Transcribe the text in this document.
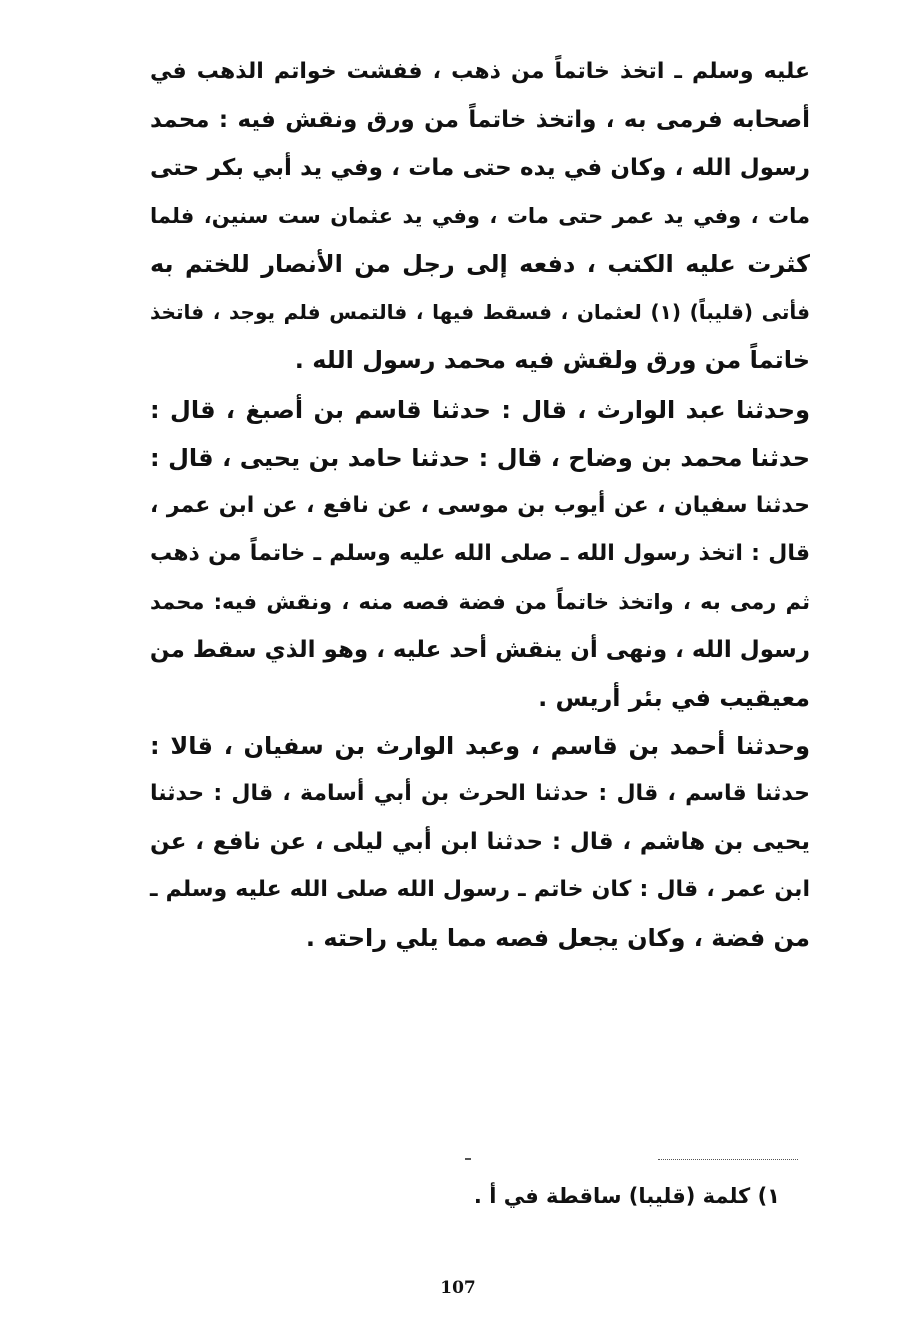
عليه وسلم ـ اتخذ خاتماً من ذهب ، ففشت خواتم الذهب في
أصحابه فرمى به ، واتخذ خاتماً من ورق ونقش فيه : محمد
رسول الله ، وكان في يده حتى مات ، وفي يد أبي بكر حتى
مات ، وفي يد عمر حتى مات ، وفي يد عثمان ست سنين، فلما
كثرت عليه الكتب ، دفعه إلى رجل من الأنصار للختم به
فأتى (قليباً) (١) لعثمان ، فسقط فيها ، فالتمس فلم يوجد ، فاتخذ
خاتماً من ورق ولقش فيه محمد رسول الله .
وحدثنا عبد الوارث ، قال : حدثنا قاسم بن أصبغ ، قال :
حدثنا محمد بن وضاح ، قال : حدثنا حامد بن يحيى ، قال :
حدثنا سفيان ، عن أيوب بن موسى ، عن نافع ، عن ابن عمر ،
قال : اتخذ رسول الله ـ صلى الله عليه وسلم ـ خاتماً من ذهب
ثم رمى به ، واتخذ خاتماً من فضة فصه منه ، ونقش فيه: محمد
رسول الله ، ونهى أن ينقش أحد عليه ، وهو الذي سقط من
معيقيب في بئر أريس .
وحدثنا أحمد بن قاسم ، وعبد الوارث بن سفيان ، قالا :
حدثنا قاسم ، قال : حدثنا الحرث بن أبي أسامة ، قال : حدثنا
يحيى بن هاشم ، قال : حدثنا ابن أبي ليلى ، عن نافع ، عن
ابن عمر ، قال : كان خاتم ـ رسول الله صلى الله عليه وسلم ـ
من فضة ، وكان يجعل فصه مما يلي راحته .
١) كلمة (قليبا) ساقطة في أ .
107
